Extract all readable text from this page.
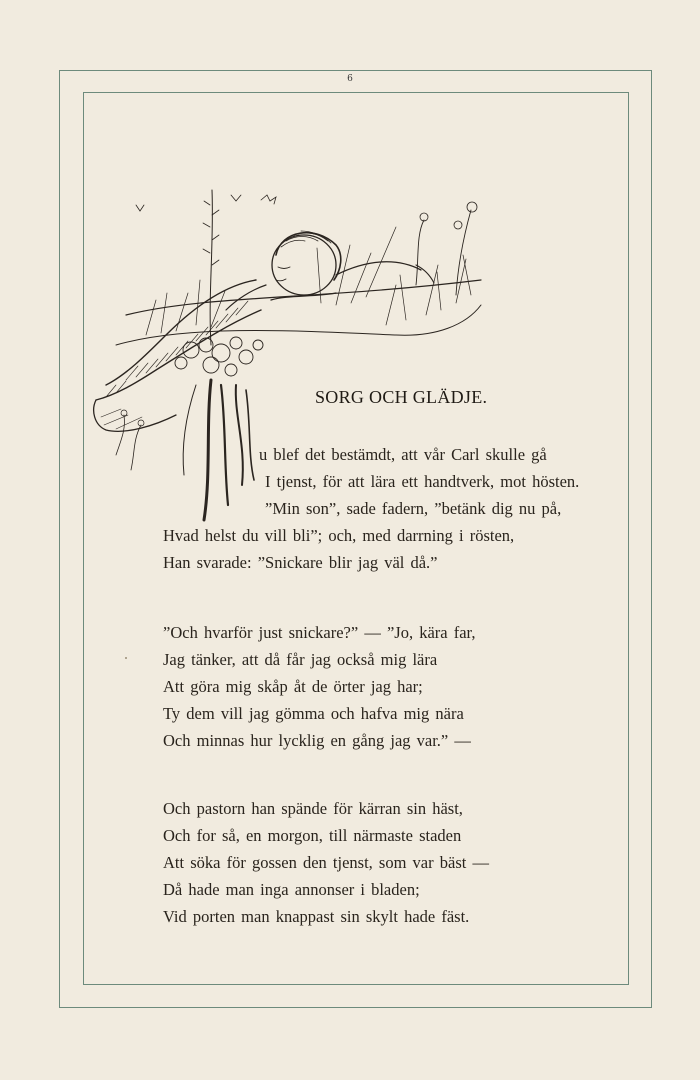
6
SORG OCH GLÄDJE.
u blef det bestämdt, att vår Carl skulle gå
I tjenst, för att lära ett handtverk, mot hösten.
”Min son”, sade fadern, ”betänk dig nu på,
Hvad helst du vill bli”; och, med darrning i rösten,
Han svarade: ”Snickare blir jag väl då.”
”Och hvarför just snickare?” — ”Jo, kära far,
Jag tänker, att då får jag också mig lära
Att göra mig skåp åt de örter jag har;
Ty dem vill jag gömma och hafva mig nära
Och minnas hur lycklig en gång jag var.” —
Och pastorn han spände för kärran sin häst,
Och for så, en morgon, till närmaste staden
Att söka för gossen den tjenst, som var bäst —
Då hade man inga annonser i bladen;
Vid porten man knappast sin skylt hade fäst.
